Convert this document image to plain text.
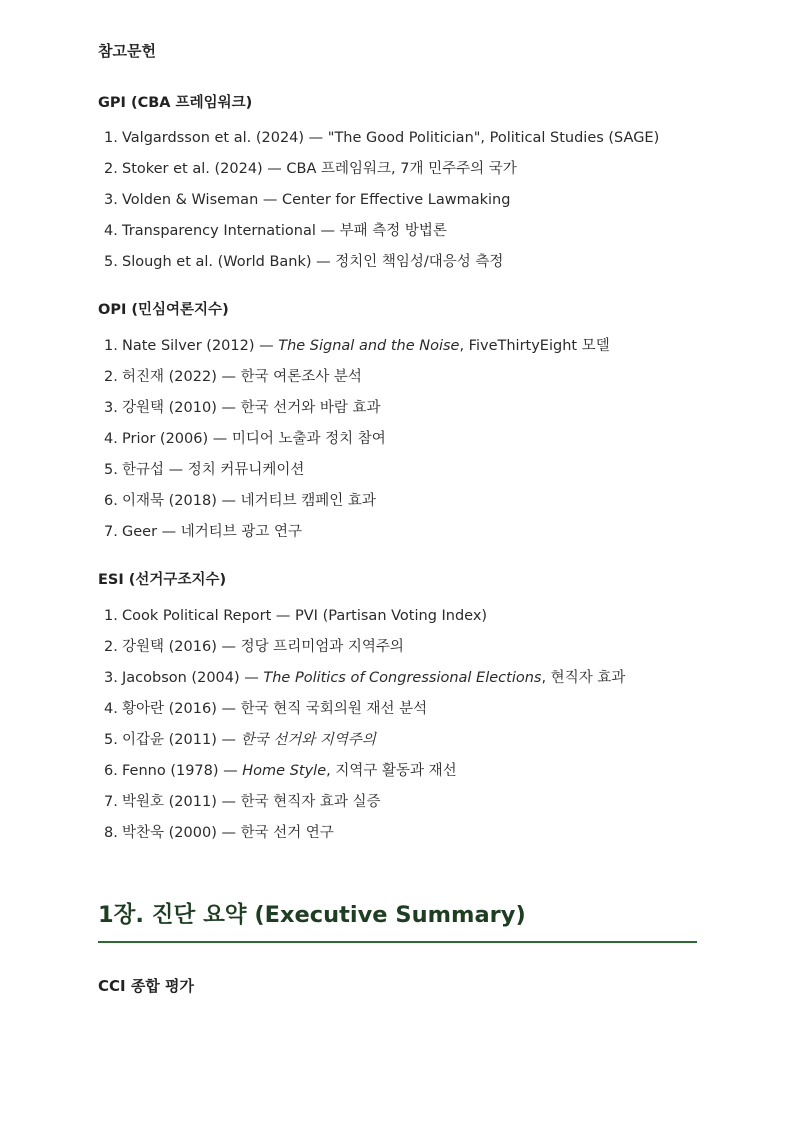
참고문헌
GPI (CBA 프레임워크)
1. Valgardsson et al. (2024) — "The Good Politician", Political Studies (SAGE)
2. Stoker et al. (2024) — CBA 프레임워크, 7개 민주주의 국가
3. Volden & Wiseman — Center for Effective Lawmaking
4. Transparency International — 부패 측정 방법론
5. Slough et al. (World Bank) — 정치인 책임성/대응성 측정
OPI (민심여론지수)
1. Nate Silver (2012) — The Signal and the Noise, FiveThirtyEight 모델
2. 허진재 (2022) — 한국 여론조사 분석
3. 강원택 (2010) — 한국 선거와 바람 효과
4. Prior (2006) — 미디어 노출과 정치 참여
5. 한규섭 — 정치 커뮤니케이션
6. 이재묵 (2018) — 네거티브 캠페인 효과
7. Geer — 네거티브 광고 연구
ESI (선거구조지수)
1. Cook Political Report — PVI (Partisan Voting Index)
2. 강원택 (2016) — 정당 프리미엄과 지역주의
3. Jacobson (2004) — The Politics of Congressional Elections, 현직자 효과
4. 황아란 (2016) — 한국 현직 국회의원 재선 분석
5. 이갑윤 (2011) — 한국 선거와 지역주의
6. Fenno (1978) — Home Style, 지역구 활동과 재선
7. 박원호 (2011) — 한국 현직자 효과 실증
8. 박찬욱 (2000) — 한국 선거 연구
1장. 진단 요약 (Executive Summary)
CCI 종합 평가
